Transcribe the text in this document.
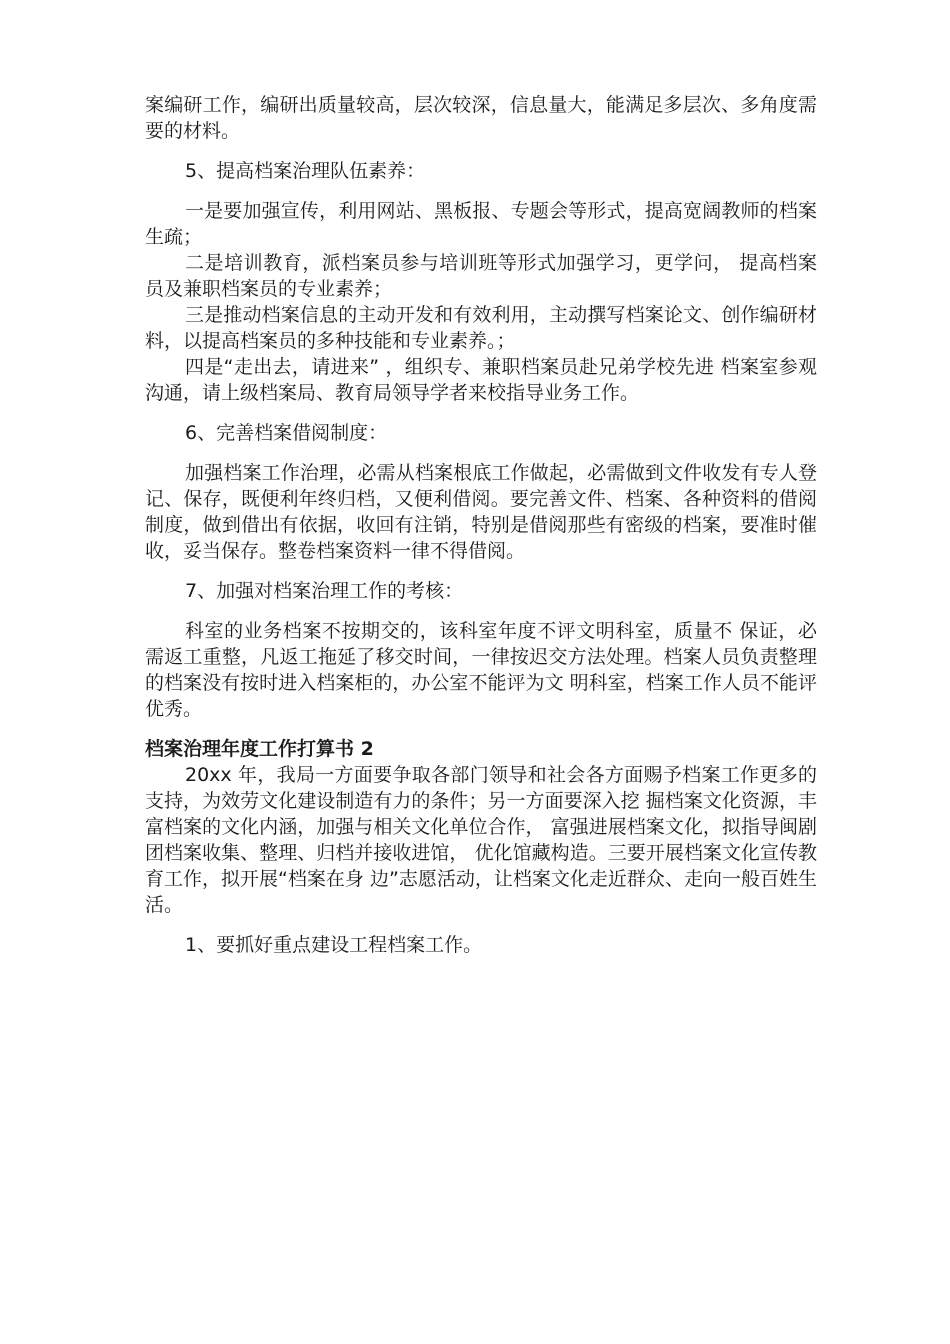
案编研工作，编研出质量较高，层次较深，信息量大，能满足多层次、多角度需要的材料。

5、提高档案治理队伍素养：

一是要加强宣传，利用网站、黑板报、专题会等形式，提高宽阔教师的档案生疏；

二是培训教育，派档案员参与培训班等形式加强学习，更学问， 提高档案员及兼职档案员的专业素养；

三是推动档案信息的主动开发和有效利用，主动撰写档案论文、创作编研材料，以提高档案员的多种技能和专业素养。；

四是“走出去，请进来” ，组织专、兼职档案员赴兄弟学校先进 档案室参观沟通，请上级档案局、教育局领导学者来校指导业务工作。

6、完善档案借阅制度：

加强档案工作治理，必需从档案根底工作做起，必需做到文件收发有专人登记、保存，既便利年终归档，又便利借阅。要完善文件、档案、各种资料的借阅制度，做到借出有依据，收回有注销，特别是借阅那些有密级的档案，要准时催收，妥当保存。整卷档案资料一律不得借阅。

7、加强对档案治理工作的考核：

科室的业务档案不按期交的，该科室年度不评文明科室，质量不 保证，必需返工重整，凡返工拖延了移交时间，一律按迟交方法处理。档案人员负责整理的档案没有按时进入档案柜的，办公室不能评为文 明科室，档案工作人员不能评优秀。

档案治理年度工作打算书 2

20xx 年，我局一方面要争取各部门领导和社会各方面赐予档案工作更多的支持，为效劳文化建设制造有力的条件；另一方面要深入挖 掘档案文化资源，丰富档案的文化内涵，加强与相关文化单位合作， 富强进展档案文化，拟指导闽剧团档案收集、整理、归档并接收进馆， 优化馆藏构造。三要开展档案文化宣传教育工作，拟开展“档案在身 边”志愿活动，让档案文化走近群众、走向一般百姓生活。

1、要抓好重点建设工程档案工作。
